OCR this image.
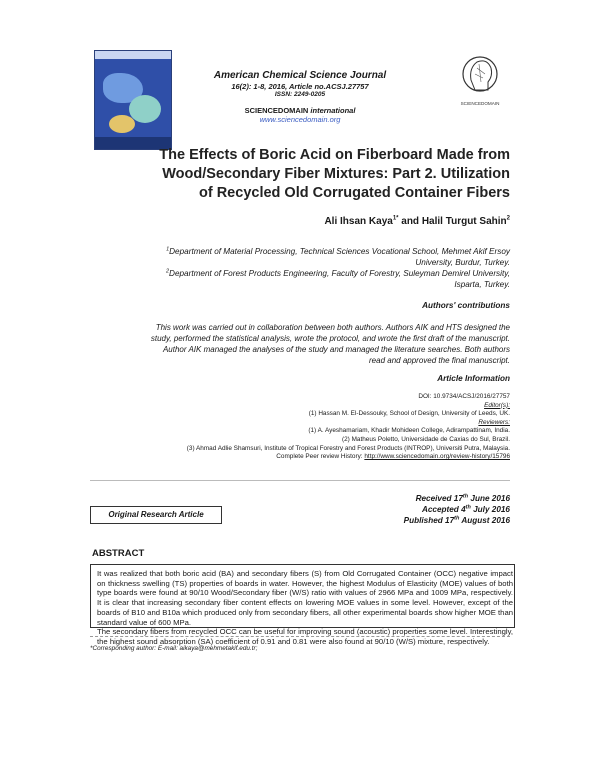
American Chemical Science Journal
16(2): 1-8, 2016, Article no.ACSJ.27757
ISSN: 2249-0205
SCIENCEDOMAIN international
www.sciencedomain.org
SCIENCEDOMAIN
The Effects of Boric Acid on Fiberboard Made from
Wood/Secondary Fiber Mixtures: Part 2. Utilization
of Recycled Old Corrugated Container Fibers
Ali Ihsan Kaya$^{1*}$ and Halil Turgut Sahin$^2$
$^1$Department of Material Processing, Technical Sciences Vocational School, Mehmet Akif Ersoy
University, Burdur, Turkey.
$^2$Department of Forest Products Engineering, Faculty of Forestry, Suleyman Demirel University,
Isparta, Turkey.
Authors' contributions
This work was carried out in collaboration between both authors. Authors AIK and HTS designed the
study, performed the statistical analysis, wrote the protocol, and wrote the first draft of the manuscript.
Author AIK managed the analyses of the study and managed the literature searches. Both authors
read and approved the final manuscript.
Article Information
DOI: 10.9734/ACSJ/2016/27757
Editor(s):
(1) Hassan M. El-Dessouky, School of Design, University of Leeds, UK.
Reviewers:
(1) A. Ayeshamariam, Khadir Mohideen College, Adirampattinam, India.
(2) Matheus Poletto, Universidade de Caxias do Sul, Brazil.
(3) Ahmad Adlie Shamsuri, Institute of Tropical Forestry and Forest Products (INTROP), Universiti Putra, Malaysia.
Complete Peer review History: http://www.sciencedomain.org/review-history/15796
Original Research Article
Received 17th June 2016
Accepted 4th July 2016
Published 17th August 2016
ABSTRACT

It was realized that both boric acid (BA) and secondary fibers (S) from Old Corrugated Container (OCC) negative impact on thickness swelling (TS) properties of boards in water. However, the highest Modulus of Elasticity (MOE) values of both type boards were found at 90/10 Wood/Secondary fiber (W/S) ratio with values of 2966 MPa and 1009 MPa, respectively. It is clear that increasing secondary fiber content effects on lowering MOE values in some level. However, except of the boards of B10 and B10a which produced only from secondary fibers, all other experimental boards show higher MOE than standard value of 600 MPa.

The secondary fibers from recycled OCC can be useful for improving sound (acoustic) properties some level. Interestingly, the highest sound absorption (SA) coefficient of 0.91 and 0.81 were also found at 90/10 (W/S) mixture, respectively.

*Corresponding author: E-mail: aikaya@mehmetakif.edu.tr;
